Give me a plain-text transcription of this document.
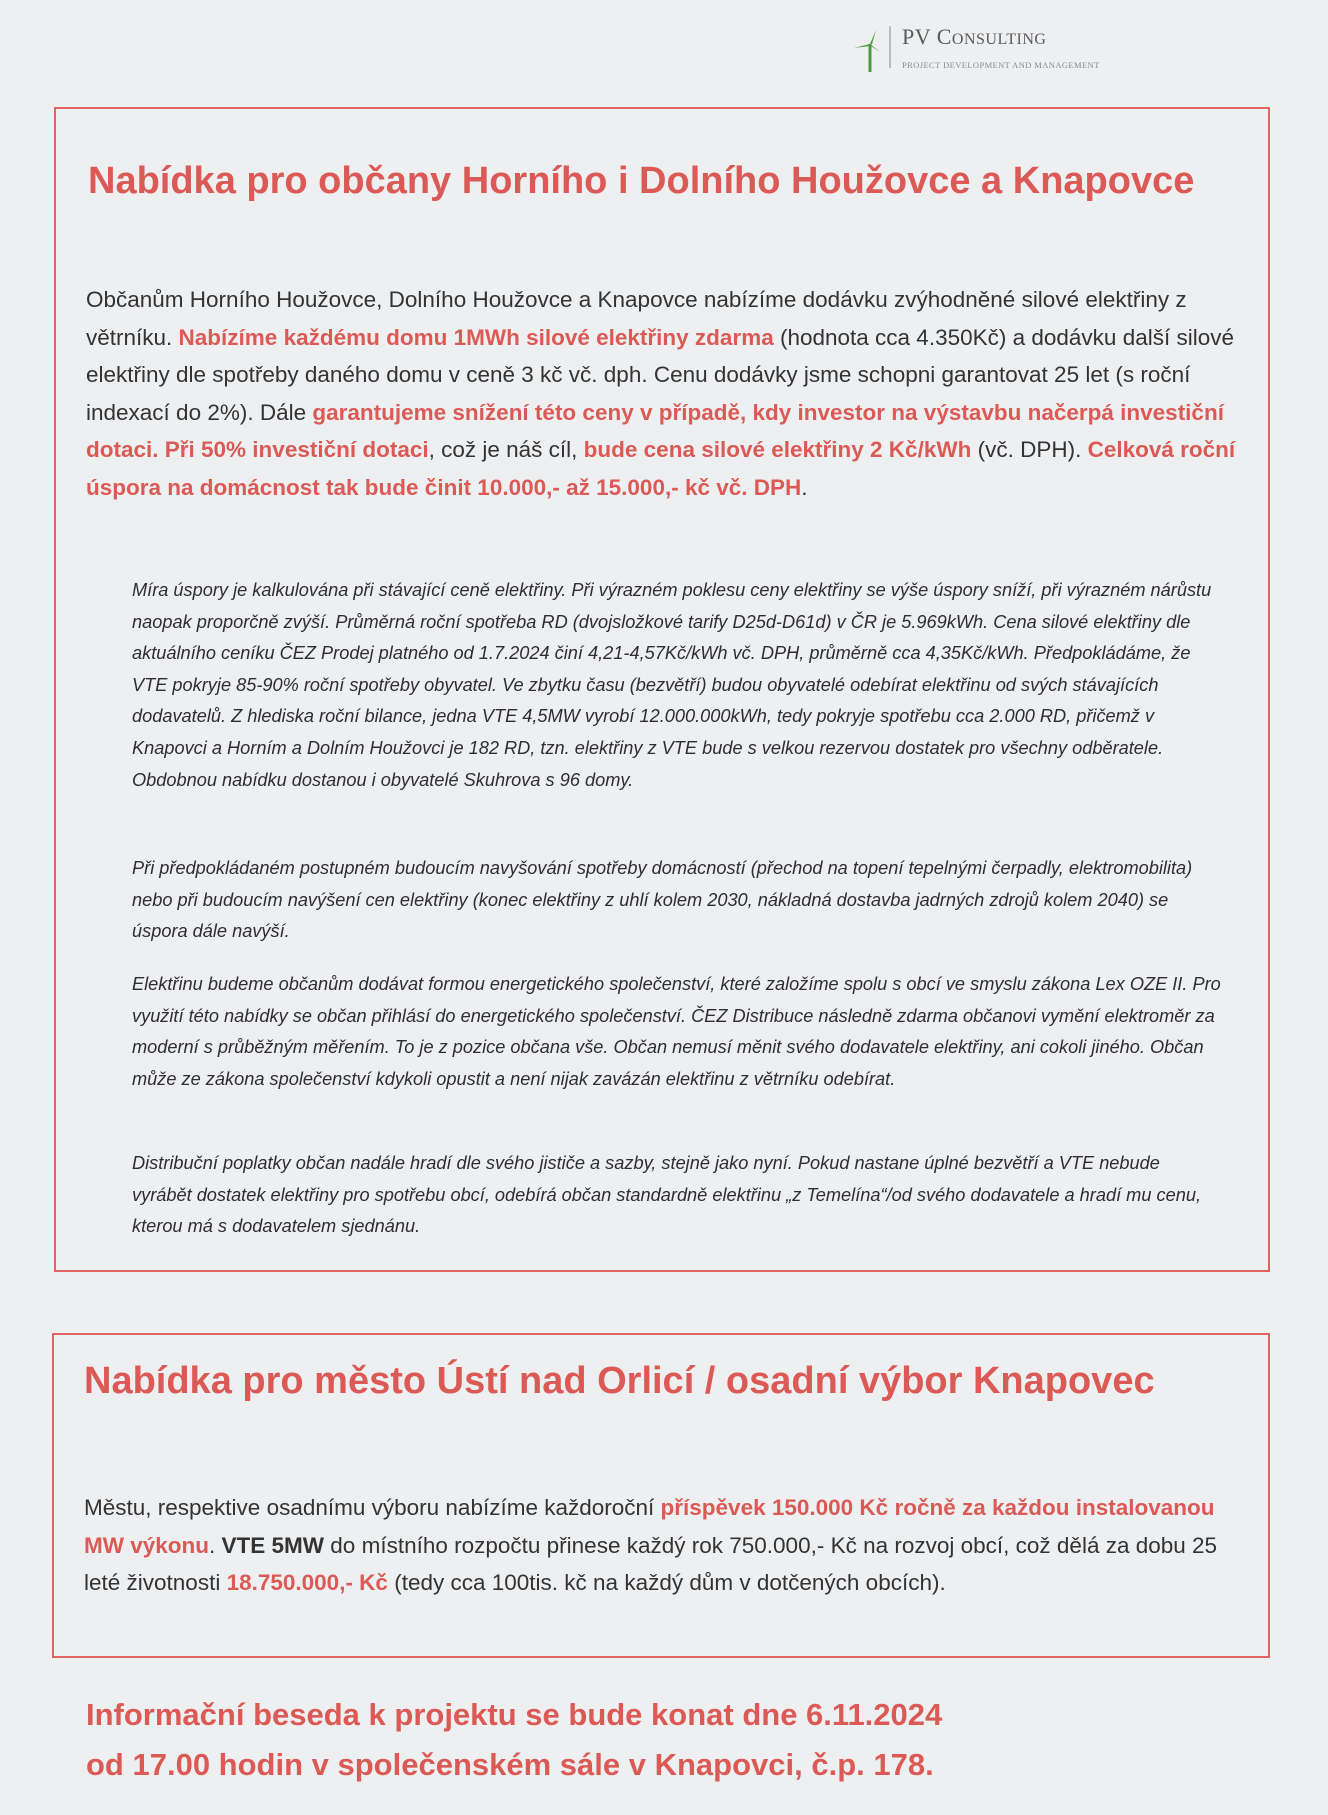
PV CONSULTING
PROJECT DEVELOPMENT AND MANAGEMENT
Nabídka pro občany Horního i Dolního Houžovce a Knapovce

Občanům Horního Houžovce, Dolního Houžovce a Knapovce nabízíme dodávku zvýhodněné silové elektřiny z větrníku. Nabízíme každému domu 1MWh silové elektřiny zdarma (hodnota cca 4.350Kč) a dodávku další silové elektřiny dle spotřeby daného domu v ceně 3 kč vč. dph. Cenu dodávky jsme schopni garantovat 25 let (s roční indexací do 2%). Dále garantujeme snížení této ceny v případě, kdy investor na výstavbu načerpá investiční dotaci. Při 50% investiční dotaci, což je náš cíl, bude cena silové elektřiny 2 Kč/kWh (vč. DPH). Celková roční úspora na domácnost tak bude činit 10.000,- až 15.000,- kč vč. DPH.

Míra úspory je kalkulována při stávající ceně elektřiny. Při výrazném poklesu ceny elektřiny se výše úspory sníží, při výrazném nárůstu naopak proporčně zvýší. Průměrná roční spotřeba RD (dvojsložkové tarify D25d-D61d) v ČR je 5.969kWh. Cena silové elektřiny dle aktuálního ceníku ČEZ Prodej platného od 1.7.2024 činí 4,21-4,57Kč/kWh vč. DPH, průměrně cca 4,35Kč/kWh. Předpokládáme, že VTE pokryje 85-90% roční spotřeby obyvatel. Ve zbytku času (bezvětří) budou obyvatelé odebírat elektřinu od svých stávajících dodavatelů. Z hlediska roční bilance, jedna VTE 4,5MW vyrobí 12.000.000kWh, tedy pokryje spotřebu cca 2.000 RD, přičemž v Knapovci a Horním a Dolním Houžovci je 182 RD, tzn. elektřiny z VTE bude s velkou rezervou dostatek pro všechny odběratele. Obdobnou nabídku dostanou i obyvatelé Skuhrova s 96 domy.

Při předpokládaném postupném budoucím navyšování spotřeby domácností (přechod na topení tepelnými čerpadly, elektromobilita) nebo při budoucím navýšení cen elektřiny (konec elektřiny z uhlí kolem 2030, nákladná dostavba jadrných zdrojů kolem 2040) se úspora dále navýší.

Elektřinu budeme občanům dodávat formou energetického společenství, které založíme spolu s obcí ve smyslu zákona Lex OZE II. Pro využití této nabídky se občan přihlásí do energetického společenství. ČEZ Distribuce následně zdarma občanovi vymění elektroměr za moderní s průběžným měřením. To je z pozice občana vše. Občan nemusí měnit svého dodavatele elektřiny, ani cokoli jiného. Občan může ze zákona společenství kdykoli opustit a není nijak zavázán elektřinu z větrníku odebírat.

Distribuční poplatky občan nadále hradí dle svého jističe a sazby, stejně jako nyní. Pokud nastane úplné bezvětří a VTE nebude vyrábět dostatek elektřiny pro spotřebu obcí, odebírá občan standardně elektřinu „z Temelína“/od svého dodavatele a hradí mu cenu, kterou má s dodavatelem sjednánu.

Nabídka pro město Ústí nad Orlicí / osadní výbor Knapovec

Městu, respektive osadnímu výboru nabízíme každoroční příspěvek 150.000 Kč ročně za každou instalovanou MW výkonu. VTE 5MW do místního rozpočtu přinese každý rok 750.000,- Kč na rozvoj obcí, což dělá za dobu 25 leté životnosti 18.750.000,- Kč (tedy cca 100tis. kč na každý dům v dotčených obcích).

Informační beseda k projektu se bude konat dne 6.11.2024
od 17.00 hodin v společenském sále v Knapovci, č.p. 178.
